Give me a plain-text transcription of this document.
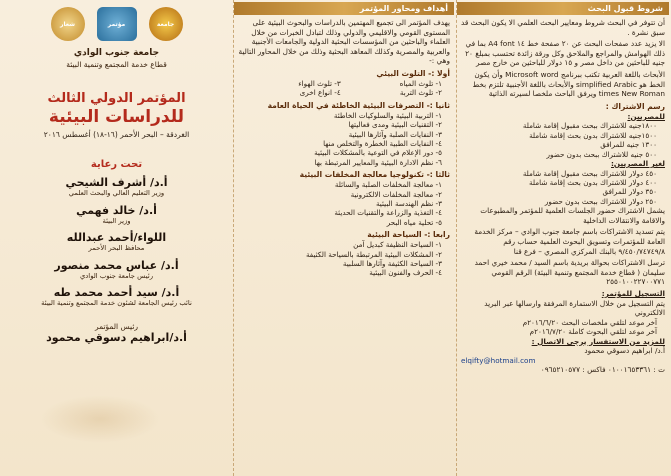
شروط قبول البحث

أن تتوفر في البحث شروط ومعايير البحث العلمي الا يكون البحث قد سبق نشرة .

الا يزيد عدد صفحات البحث عن ٢٠ صفحة خط ١٤ A4 font بما في ذلك الهوامش والمراجع والملاحق وكل ورقة زائدة تحتسب بمبلغ ٢٠ جنيه للباحثين من داخل مصر و ١٥ دولار للباحثين من خارج مصر

الأبحاث باللغة العربية تكتب ببرنامج Microsoft word وأن يكون الخط هو simplified Arabic والأبحاث باللغة الأجنبية تلتزم بخط times New Roman ويرفق الباحث ملخصا لسيرته الذاتية

رسم الاشتراك :
للمصريين:
١٨٠٠جنيه للاشتراك ببحث مقبول إقامة شاملة
١٥٠٠جنيه للاشتراك بدون بحث إقامة شاملة
١٣٠٠ جنيه للمرافق
٥٠٠ جنيه للاشتراك ببحث بدون حضور
لغير المصريين:
٤٥٠ دولار للاشتراك ببحث مقبول إقامة شاملة
٤٠٠ دولار للاشتراك بدون بحث إقامة شاملة
٣٥٠ دولار للمرافق
٢٥٠ دولار للاشتراك ببحث بدون حضور

يشمل الاشتراك حضور الجلسات العلمية للمؤتمر والمطبوعات والاقامة والانتقالات الداخلية

يتم تسديد الاشتراكات باسم جامعة جنوب الوادي – مركز الخدمة العامة للمؤتمرات وتسويق البحوث العلمية حساب رقم ٩/٤٥٠/٧٤٧٤٩/٨ بالبنك المركزي المصري – فرع قنا

ترسل الاشتراكات بحوالة بريدية باسم السيد / محمد خيري احمد سليمان ( قطاع خدمة المجتمع وتنمية البيئة) الرقم القومي ٢٥٥٠١٠٠٢٢٧٠٠٧٧١

التسجيل للمؤتمر:

يتم التسجيل من خلال الاستمارة المرفقة وارسالها عبر البريد الالكتروني

آخر موعد لتلقي ملخصات البحث ٢٠١٦/٦/٢٠م
آخر موعد لتلقي البحوث كاملة ٢٠١٦/٧/٢٠م
للمزيد من الاستفسار يرجى الاتصال :
أ.د/ ابراهيم دسوقي محمود
elqifty@hotmail.com
ت : ٠١٠٠١٦٥٣٣٦١ فاكس : ٠٩٦٥٢١٠٥٧٧
أهداف ومحاور المؤتمر

يهدف المؤتمر الى تجميع المهتمين بالدراسات والبحوث البيئية على المستوى القومي والاقليمي والدولي وذلك لتبادل الخبرات من خلال العلماء والباحثين من المؤسسات البحثية الدولية والجامعات الأجنبية والعربية والمصرية وكذلك المعاهد البحثية وذلك من خلال المحاور التالية وهي :-

أولا :- التلوث البيئي
١- تلوث المياه
٣- تلوث الهواء
٢- تلوث التربة
٤- انواع اخرى
ثانيا :- التصرفات البيئية الخاطئة في الحياة العامة
١- التربية البيئية والسلوكيات الخاطئة
٢- التقنيات البيئية ومدى فعاليتها
٣- النفايات الصلبة وآثارها البيئية
٤- النفايات الطبية الخطرة والتخلص منها
٥- دور الإعلام في التوعية بالمشكلات البيئية
٦- نظم الادارة البيئية والمعايير المرتبطة بها
ثالثا :- تكنولوجيا معالجة المخلفات البيئية
١- معالجة المخلفات الصلبة والسائلة
٢- معالجة المخلفات الالكترونية
٣- نظم الهندسة البيئية
٤- التغذية والزراعة والتقنيات الحديثة
٥- تحلية مياه البحر
رابعا :- السياحة البيئية
١- السياحة النظيفة كبديل آمن
٢- المشكلات البيئية المرتبطة بالسياحة الكثيفة
٣- السياحة الكثيفة وآثارها السلبية
٤- الحرف والفنون البيئية
جامعة
مؤتمر
شعار
جامعة جنوب الوادي
قطاع خدمة المجتمع وتنمية البيئة
المؤتمر الدولي الثالث
للدراسات البيئية
الغردقة – البحر الأحمر (١٦-١٨) أغسطس ٢٠١٦
تحت رعاية
أ.د/ أشرف الشيحي
وزير التعليم العالي والبحث العلمي
أ.د/ خالد فهمي
وزير البيئة
اللواء/أحمد عبدالله
محافظ البحر الأحمر
أ.د/ عباس محمد منصور
رئيس جامعة جنوب الوادي
أ.د/ سيد أحمد محمد طه
نائب رئيس الجامعة لشئون خدمة المجتمع وتنمية البيئة
رئيس المؤتمر
أ.د/ابراهيم دسوقي محمود
